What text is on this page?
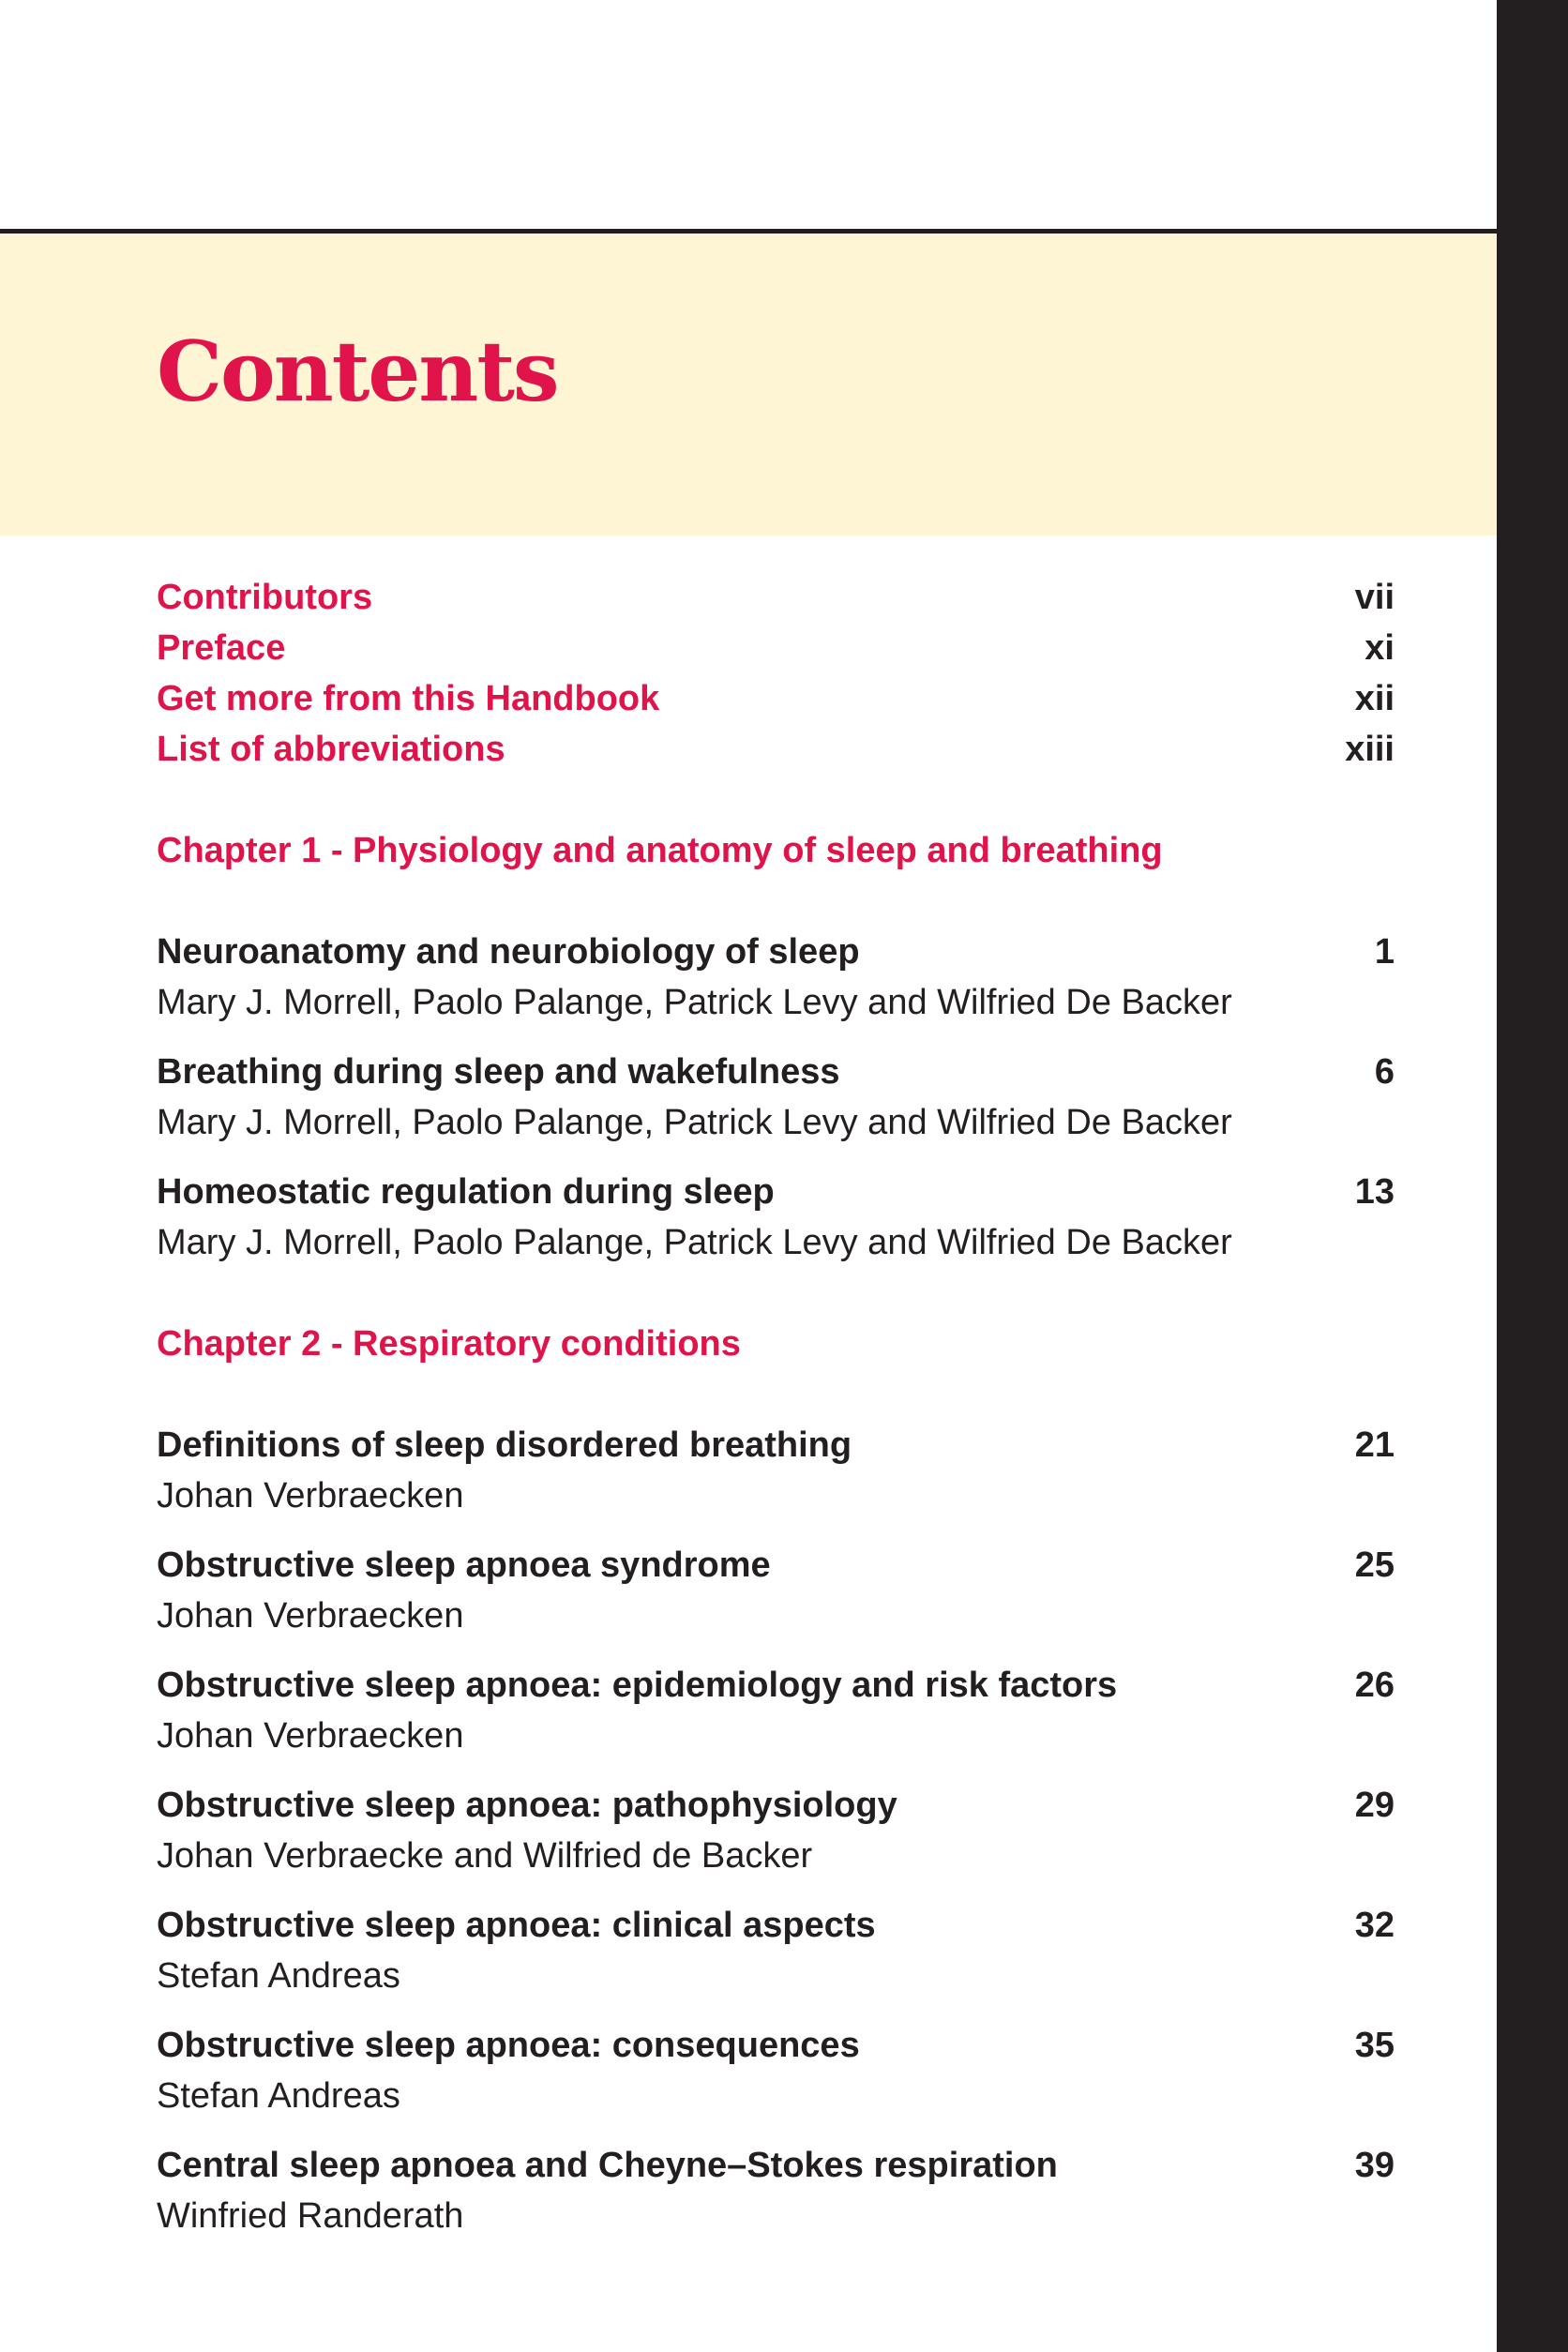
Contents
Contributors	vii
Preface	xi
Get more from this Handbook	xii
List of abbreviations	xiii
Chapter 1 - Physiology and anatomy of sleep and breathing
Neuroanatomy and neurobiology of sleep	1
Mary J. Morrell, Paolo Palange, Patrick Levy and Wilfried De Backer
Breathing during sleep and wakefulness	6
Mary J. Morrell, Paolo Palange, Patrick Levy and Wilfried De Backer
Homeostatic regulation during sleep	13
Mary J. Morrell, Paolo Palange, Patrick Levy and Wilfried De Backer
Chapter 2 - Respiratory conditions
Definitions of sleep disordered breathing	21
Johan Verbraecken
Obstructive sleep apnoea syndrome	25
Johan Verbraecken
Obstructive sleep apnoea: epidemiology and risk factors	26
Johan Verbraecken
Obstructive sleep apnoea: pathophysiology	29
Johan Verbraecke and Wilfried de Backer
Obstructive sleep apnoea: clinical aspects	32
Stefan Andreas
Obstructive sleep apnoea: consequences	35
Stefan Andreas
Central sleep apnoea and Cheyne–Stokes respiration	39
Winfried Randerath
